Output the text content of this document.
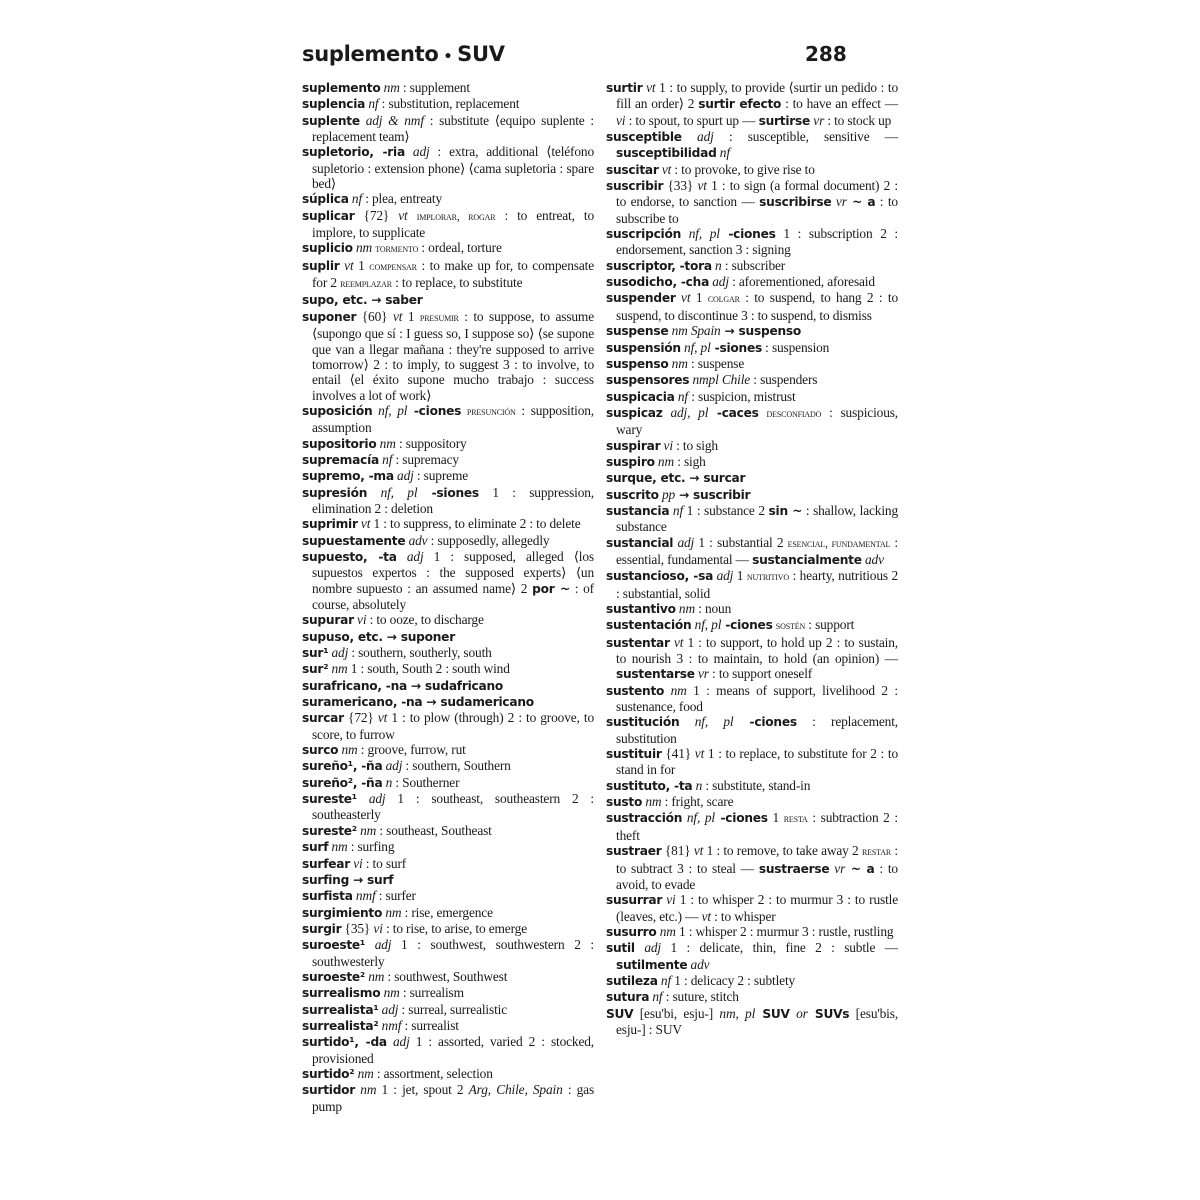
suplemento • SUV	288

suplemento nm : supplement

suplencia nf : substitution, replacement

suplente adj & nmf : substitute ⟨equipo suplente : replacement team⟩

supletorio, -ria adj : extra, additional ⟨teléfono supletorio : extension phone⟩ ⟨cama supletoria : spare bed⟩

súplica nf : plea, entreaty

suplicar {72} vt implorar, rogar : to entreat, to implore, to supplicate

suplicio nm tormento : ordeal, torture

suplir vt 1 compensar : to make up for, to compensate for 2 reemplazar : to replace, to substitute

supo, etc. → saber

suponer {60} vt 1 presumir : to suppose, to assume ⟨supongo que sí : I guess so, I suppose so⟩ ⟨se supone que van a llegar mañana : they're supposed to arrive tomorrow⟩ 2 : to imply, to suggest 3 : to involve, to entail ⟨el éxito supone mucho trabajo : success involves a lot of work⟩

suposición nf, pl -ciones presunción : supposition, assumption

supositorio nm : suppository

supremacía nf : supremacy

supremo, -ma adj : supreme

supresión nf, pl -siones 1 : suppression, elimination 2 : deletion

suprimir vt 1 : to suppress, to eliminate 2 : to delete

supuestamente adv : supposedly, allegedly

supuesto, -ta adj 1 : supposed, alleged ⟨los supuestos expertos : the supposed experts⟩ ⟨un nombre supuesto : an assumed name⟩ 2 por ~ : of course, absolutely

supurar vi : to ooze, to discharge

supuso, etc. → suponer

sur¹ adj : southern, southerly, south

sur² nm 1 : south, South 2 : south wind

surafricano, -na → sudafricano

suramericano, -na → sudamericano

surcar {72} vt 1 : to plow (through) 2 : to groove, to score, to furrow

surco nm : groove, furrow, rut

sureño¹, -ña adj : southern, Southern

sureño², -ña n : Southerner

sureste¹ adj 1 : southeast, southeastern 2 : southeasterly

sureste² nm : southeast, Southeast

surf nm : surfing

surfear vi : to surf

surfing → surf

surfista nmf : surfer

surgimiento nm : rise, emergence

surgir {35} vi : to rise, to arise, to emerge

suroeste¹ adj 1 : southwest, southwestern 2 : southwesterly

suroeste² nm : southwest, Southwest

surrealismo nm : surrealism

surrealista¹ adj : surreal, surrealistic

surrealista² nmf : surrealist

surtido¹, -da adj 1 : assorted, varied 2 : stocked, provisioned

surtido² nm : assortment, selection

surtidor nm 1 : jet, spout 2 Arg, Chile, Spain : gas pump

surtir vt 1 : to supply, to provide ⟨surtir un pedido : to fill an order⟩ 2 surtir efecto : to have an effect — vi : to spout, to spurt up — surtirse vr : to stock up

susceptible adj : susceptible, sensitive — susceptibilidad nf

suscitar vt : to provoke, to give rise to

suscribir {33} vt 1 : to sign (a formal document) 2 : to endorse, to sanction — suscribirse vr ~ a : to subscribe to

suscripción nf, pl -ciones 1 : subscription 2 : endorsement, sanction 3 : signing

suscriptor, -tora n : subscriber

susodicho, -cha adj : aforementioned, aforesaid

suspender vt 1 colgar : to suspend, to hang 2 : to suspend, to discontinue 3 : to suspend, to dismiss

suspense nm Spain → suspenso

suspensión nf, pl -siones : suspension

suspenso nm : suspense

suspensores nmpl Chile : suspenders

suspicacia nf : suspicion, mistrust

suspicaz adj, pl -caces desconfiado : suspicious, wary

suspirar vi : to sigh

suspiro nm : sigh

surque, etc. → surcar

suscrito pp → suscribir

sustancia nf 1 : substance 2 sin ~ : shallow, lacking substance

sustancial adj 1 : substantial 2 esencial, fundamental : essential, fundamental — sustancialmente adv

sustancioso, -sa adj 1 nutritivo : hearty, nutritious 2 : substantial, solid

sustantivo nm : noun

sustentación nf, pl -ciones sostén : support

sustentar vt 1 : to support, to hold up 2 : to sustain, to nourish 3 : to maintain, to hold (an opinion) — sustentarse vr : to support oneself

sustento nm 1 : means of support, livelihood 2 : sustenance, food

sustitución nf, pl -ciones : replacement, substitution

sustituir {41} vt 1 : to replace, to substitute for 2 : to stand in for

sustituto, -ta n : substitute, stand-in

susto nm : fright, scare

sustracción nf, pl -ciones 1 resta : subtraction 2 : theft

sustraer {81} vt 1 : to remove, to take away 2 restar : to subtract 3 : to steal — sustraerse vr ~ a : to avoid, to evade

susurrar vi 1 : to whisper 2 : to murmur 3 : to rustle (leaves, etc.) — vt : to whisper

susurro nm 1 : whisper 2 : murmur 3 : rustle, rustling

sutil adj 1 : delicate, thin, fine 2 : subtle — sutilmente adv

sutileza nf 1 : delicacy 2 : subtlety

sutura nf : suture, stitch

SUV [esu'bi, esju-] nm, pl SUV or SUVs [esu'bis, esju-] : SUV
